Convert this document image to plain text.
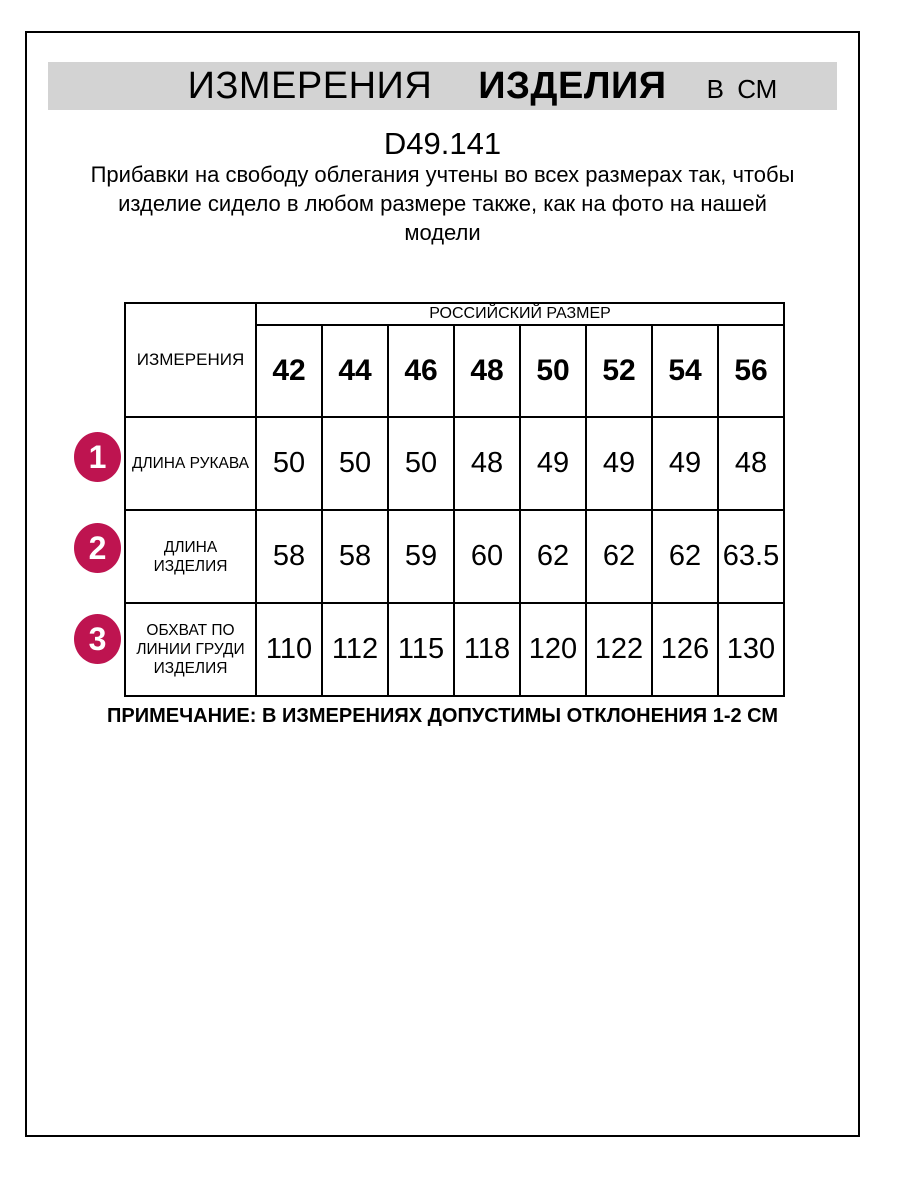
ИЗМЕРЕНИЯ ИЗДЕЛИЯ В СМ
D49.141
Прибавки на свободу облегания учтены во всех размерах так, чтобы
изделие сидело в любом размере также, как на фото на нашей
модели
ИЗМЕРЕНИЯ	РОССИЙСКИЙ РАЗМЕР							
	42	44	46	48	50	52	54	56

ДЛИНА РУКАВА	50	50	50	48	49	49	49	48

ДЛИНА
ИЗДЕЛИЯ	58	58	59	60	62	62	62	63.5

ОБХВАТ ПО
ЛИНИИ ГРУДИ
ИЗДЕЛИЯ	110	112	115	118	120	122	126	130
1
2
3
ПРИМЕЧАНИЕ: В ИЗМЕРЕНИЯХ ДОПУСТИМЫ ОТКЛОНЕНИЯ 1-2 СМ
